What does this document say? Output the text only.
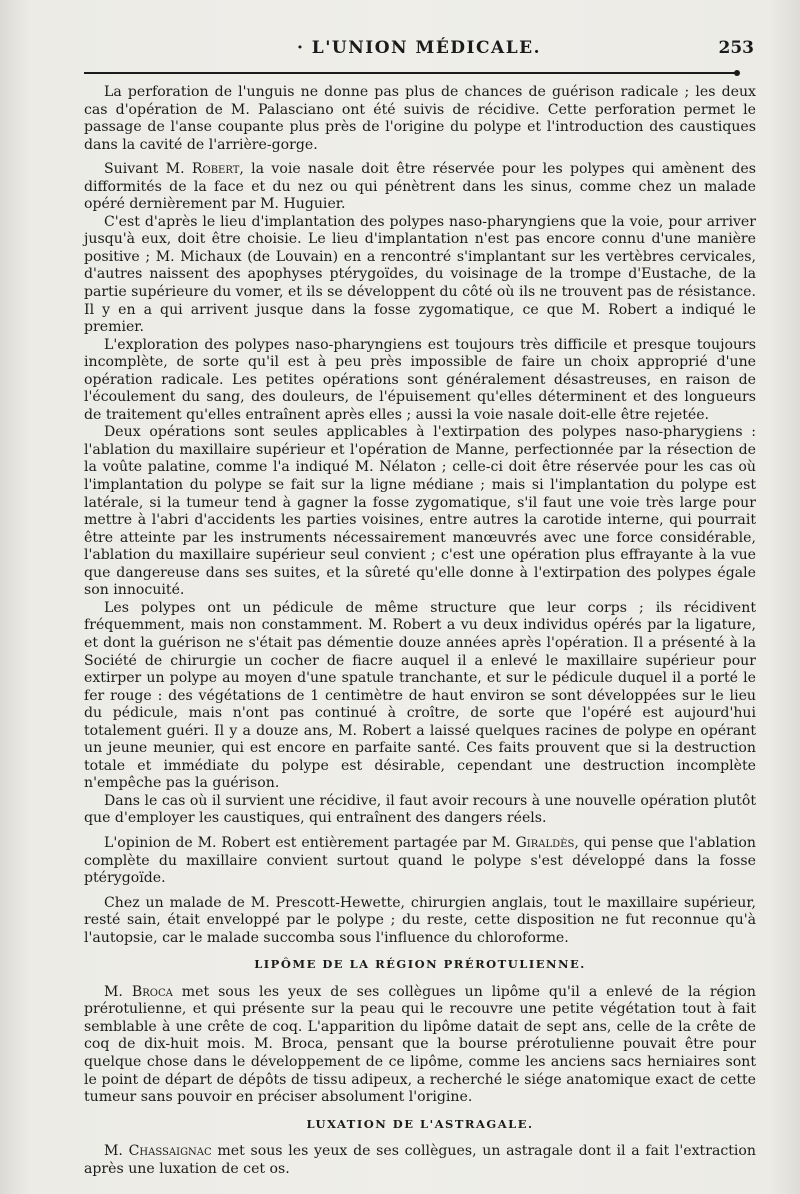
· L'UNION MÉDICALE.	253

La perforation de l'unguis ne donne pas plus de chances de guérison radicale ; les deux cas d'opération de M. Palasciano ont été suivis de récidive. Cette perforation permet le passage de l'anse coupante plus près de l'origine du polype et l'introduction des caustiques dans la cavité de l'arrière-gorge.

Suivant M. Robert, la voie nasale doit être réservée pour les polypes qui amènent des difformités de la face et du nez ou qui pénètrent dans les sinus, comme chez un malade opéré dernièrement par M. Huguier.

C'est d'après le lieu d'implantation des polypes naso-pharyngiens que la voie, pour arriver jusqu'à eux, doit être choisie. Le lieu d'implantation n'est pas encore connu d'une manière positive ; M. Michaux (de Louvain) en a rencontré s'implantant sur les vertèbres cervicales, d'autres naissent des apophyses ptérygoïdes, du voisinage de la trompe d'Eustache, de la partie supérieure du vomer, et ils se développent du côté où ils ne trouvent pas de résistance. Il y en a qui arrivent jusque dans la fosse zygomatique, ce que M. Robert a indiqué le premier.

L'exploration des polypes naso-pharyngiens est toujours très difficile et presque toujours incomplète, de sorte qu'il est à peu près impossible de faire un choix approprié d'une opération radicale. Les petites opérations sont généralement désastreuses, en raison de l'écoulement du sang, des douleurs, de l'épuisement qu'elles déterminent et des longueurs de traitement qu'elles entraînent après elles ; aussi la voie nasale doit-elle être rejetée.

Deux opérations sont seules applicables à l'extirpation des polypes naso-pharygiens : l'ablation du maxillaire supérieur et l'opération de Manne, perfectionnée par la résection de la voûte palatine, comme l'a indiqué M. Nélaton ; celle-ci doit être réservée pour les cas où l'implantation du polype se fait sur la ligne médiane ; mais si l'implantation du polype est latérale, si la tumeur tend à gagner la fosse zygomatique, s'il faut une voie très large pour mettre à l'abri d'accidents les parties voisines, entre autres la carotide interne, qui pourrait être atteinte par les instruments nécessairement manœuvrés avec une force considérable, l'ablation du maxillaire supérieur seul convient ; c'est une opération plus effrayante à la vue que dangereuse dans ses suites, et la sûreté qu'elle donne à l'extirpation des polypes égale son innocuité.

Les polypes ont un pédicule de même structure que leur corps ; ils récidivent fréquemment, mais non constamment. M. Robert a vu deux individus opérés par la ligature, et dont la guérison ne s'était pas démentie douze années après l'opération. Il a présenté à la Société de chirurgie un cocher de fiacre auquel il a enlevé le maxillaire supérieur pour extirper un polype au moyen d'une spatule tranchante, et sur le pédicule duquel il a porté le fer rouge : des végétations de 1 centimètre de haut environ se sont développées sur le lieu du pédicule, mais n'ont pas continué à croître, de sorte que l'opéré est aujourd'hui totalement guéri. Il y a douze ans, M. Robert a laissé quelques racines de polype en opérant un jeune meunier, qui est encore en parfaite santé. Ces faits prouvent que si la destruction totale et immédiate du polype est désirable, cependant une destruction incomplète n'empêche pas la guérison.

Dans le cas où il survient une récidive, il faut avoir recours à une nouvelle opération plutôt que d'employer les caustiques, qui entraînent des dangers réels.

L'opinion de M. Robert est entièrement partagée par M. Giraldès, qui pense que l'ablation complète du maxillaire convient surtout quand le polype s'est développé dans la fosse ptérygoïde.

Chez un malade de M. Prescott-Hewette, chirurgien anglais, tout le maxillaire supérieur, resté sain, était enveloppé par le polype ; du reste, cette disposition ne fut reconnue qu'à l'autopsie, car le malade succomba sous l'influence du chloroforme.

LIPÔME DE LA RÉGION PRÉROTULIENNE.

M. Broca met sous les yeux de ses collègues un lipôme qu'il a enlevé de la région prérotulienne, et qui présente sur la peau qui le recouvre une petite végétation tout à fait semblable à une crête de coq. L'apparition du lipôme datait de sept ans, celle de la crête de coq de dix-huit mois. M. Broca, pensant que la bourse prérotulienne pouvait être pour quelque chose dans le développement de ce lipôme, comme les anciens sacs herniaires sont le point de départ de dépôts de tissu adipeux, a recherché le siége anatomique exact de cette tumeur sans pouvoir en préciser absolument l'origine.

LUXATION DE L'ASTRAGALE.

M. Chassaignac met sous les yeux de ses collègues, un astragale dont il a fait l'extraction après une luxation de cet os.
